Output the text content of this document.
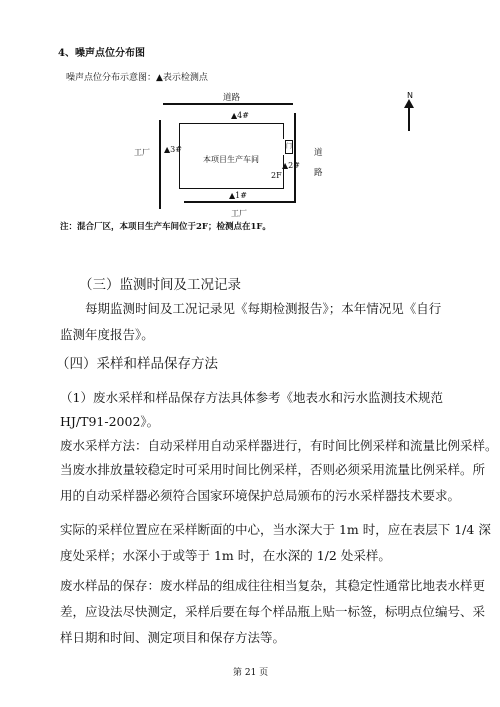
4、噪声点位分布图
噪声点位分布示意图：▲表示检测点
道路
门
▲4#
▲3#
▲2#
▲1#
本项目生产车间
2F
工厂
工厂
道
路
N
注：混合厂区，本项目生产车间位于2F；检测点在1F。
（三）监测时间及工况记录
每期监测时间及工况记录见《每期检测报告》；本年情况见《自行监测年度报告》。
（四）采样和样品保存方法
（1）废水采样和样品保存方法具体参考《地表水和污水监测技术规范
HJ/T91-2002》。
废水采样方法：自动采样用自动采样器进行，有时间比例采样和流量比例采样。
当废水排放量较稳定时可采用时间比例采样，否则必须采用流量比例采样。所
用的自动采样器必须符合国家环境保护总局颁布的污水采样器技术要求。
实际的采样位置应在采样断面的中心，当水深大于 1m 时，应在表层下 1/4 深
度处采样；水深小于或等于 1m 时，在水深的 1/2 处采样。
废水样品的保存：废水样品的组成往往相当复杂，其稳定性通常比地表水样更
差，应设法尽快测定，采样后要在每个样品瓶上贴一标签，标明点位编号、采
样日期和时间、测定项目和保存方法等。
第 21 页
